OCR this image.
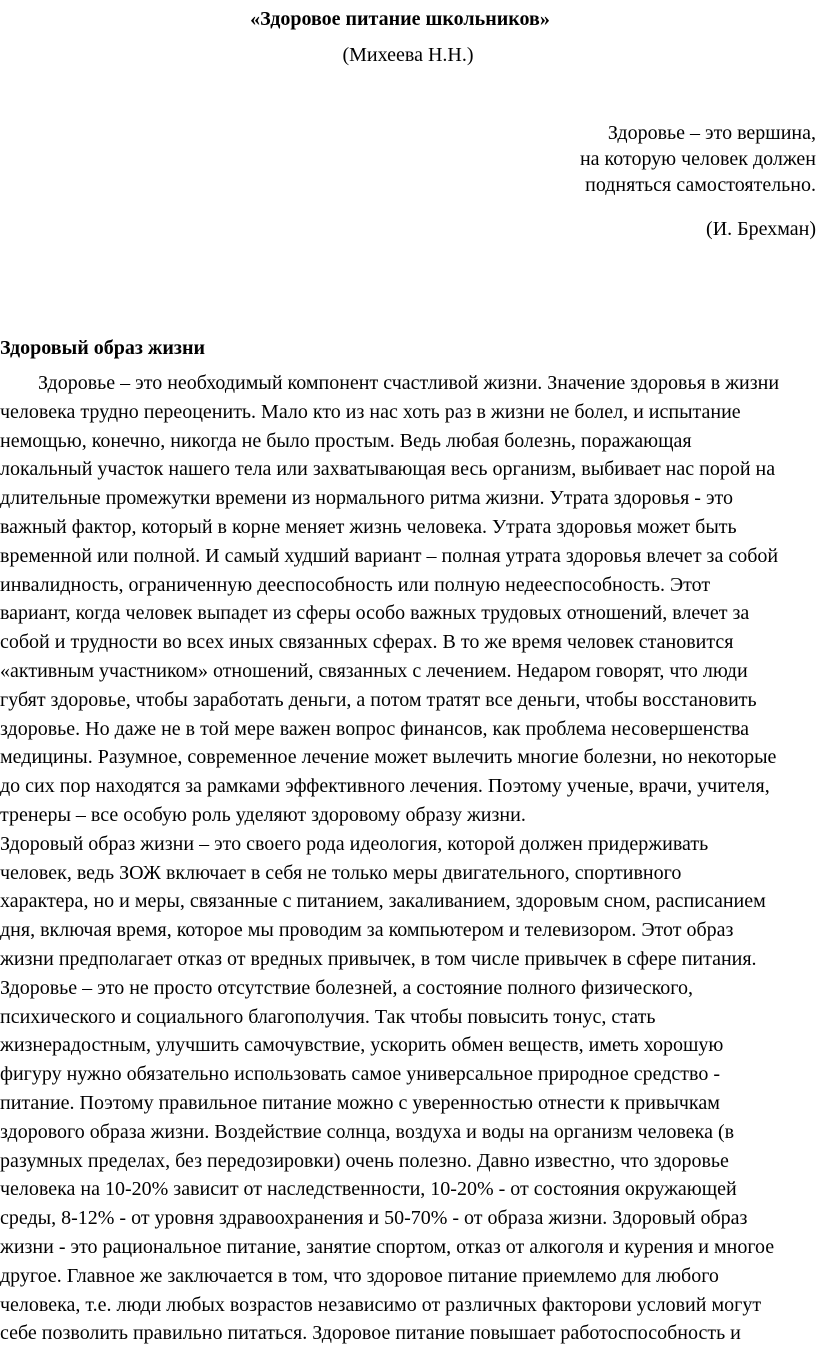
«Здоровое питание школьников»

(Михеева Н.Н.)

Здоровье – это вершина,
на которую человек должен
подняться самостоятельно.
(И. Брехман)
Здоровый образ жизни
Здоровье – это необходимый компонент счастливой жизни. Значение здоровья в жизни
человека трудно переоценить. Мало кто из нас хоть раз в жизни не болел, и испытание
немощью, конечно, никогда не было простым. Ведь любая болезнь, поражающая
локальный участок нашего тела или захватывающая весь организм, выбивает нас порой на
длительные промежутки времени из нормального ритма жизни. Утрата здоровья - это
важный фактор, который в корне меняет жизнь человека. Утрата здоровья может быть
временной или полной. И самый худший вариант – полная утрата здоровья влечет за собой
инвалидность, ограниченную дееспособность или полную недееспособность. Этот
вариант, когда человек выпадет из сферы особо важных трудовых отношений, влечет за
собой и трудности во всех иных связанных сферах. В то же время человек становится
«активным участником» отношений, связанных с лечением. Недаром говорят, что люди
губят здоровье, чтобы заработать деньги, а потом тратят все деньги, чтобы восстановить
здоровье. Но даже не в той мере важен вопрос финансов, как проблема несовершенства
медицины. Разумное, современное лечение может вылечить многие болезни, но некоторые
до сих пор находятся за рамками эффективного лечения. Поэтому ученые, врачи, учителя,
тренеры – все особую роль уделяют здоровому образу жизни.
Здоровый образ жизни – это своего рода идеология, которой должен придерживать
человек, ведь ЗОЖ включает в себя не только меры двигательного, спортивного
характера, но и меры, связанные с питанием, закаливанием, здоровым сном, расписанием
дня, включая время, которое мы проводим за компьютером и телевизором. Этот образ
жизни предполагает отказ от вредных привычек, в том числе привычек в сфере питания.
Здоровье – это не просто отсутствие болезней, а состояние полного физического,
психического и социального благополучия. Так чтобы повысить тонус, стать
жизнерадостным, улучшить самочувствие, ускорить обмен веществ, иметь хорошую
фигуру нужно обязательно использовать самое универсальное природное средство -
питание. Поэтому правильное питание можно с уверенностью отнести к привычкам
здорового образа жизни. Воздействие солнца, воздуха и воды на организм человека (в
разумных пределах, без передозировки) очень полезно. Давно известно, что здоровье
человека на 10-20% зависит от наследственности, 10-20% - от состояния окружающей
среды, 8-12% - от уровня здравоохранения и 50-70% - от образа жизни. Здоровый образ
жизни - это рациональное питание, занятие спортом, отказ от алкоголя и курения и многое
другое. Главное же заключается в том, что здоровое питание приемлемо для любого
человека, т.е. люди любых возрастов независимо от различных факторови условий могут
себе позволить правильно питаться. Здоровое питание повышает работоспособность и
